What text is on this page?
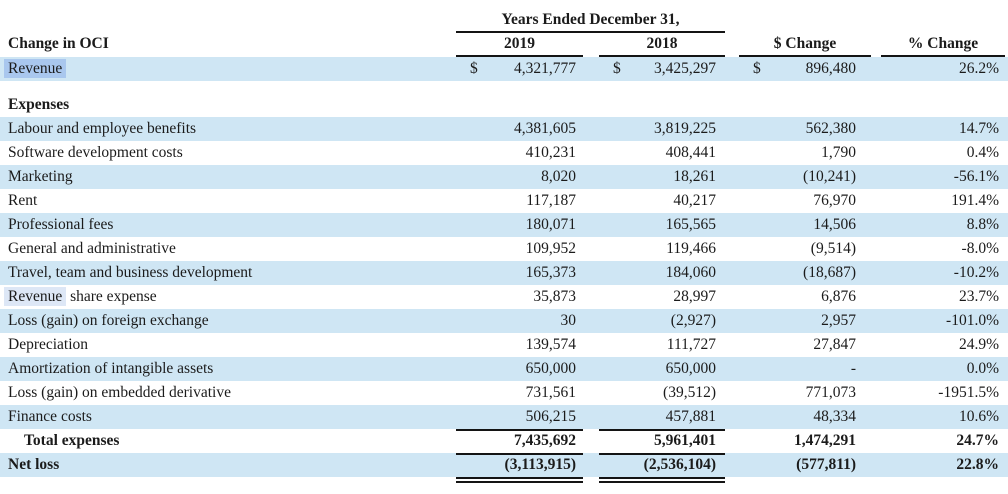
Years Ended December 31,
Change in OCI	2019	2018	$ Change	% Change
Revenue	$ 4,321,777	$ 3,425,297	$	896,480	26.2%
Expenses
Labour and employee benefits	4,381,605	3,819,225	562,380	14.7%
Software development costs	410,231	408,441	1,790	0.4%
Marketing	8,020	18,261	(10,241)	-56.1%
Rent	117,187	40,217	76,970	191.4%
Professional fees	180,071	165,565	14,506	8.8%
General and administrative	109,952	119,466	(9,514)	-8.0%
Travel, team and business development	165,373	184,060	(18,687)	-10.2%
Revenue share expense	35,873	28,997	6,876	23.7%
Loss (gain) on foreign exchange	30	(2,927)	2,957	-101.0%
Depreciation	139,574	111,727	27,847	24.9%
Amortization of intangible assets	650,000	650,000	-	0.0%
Loss (gain) on embedded derivative	731,561	(39,512)	771,073	-1951.5%
Finance costs	506,215	457,881	48,334	10.6%
Total expenses	7,435,692	5,961,401	1,474,291	24.7%
Net loss	(3,113,915)	(2,536,104)	(577,811)	22.8%
